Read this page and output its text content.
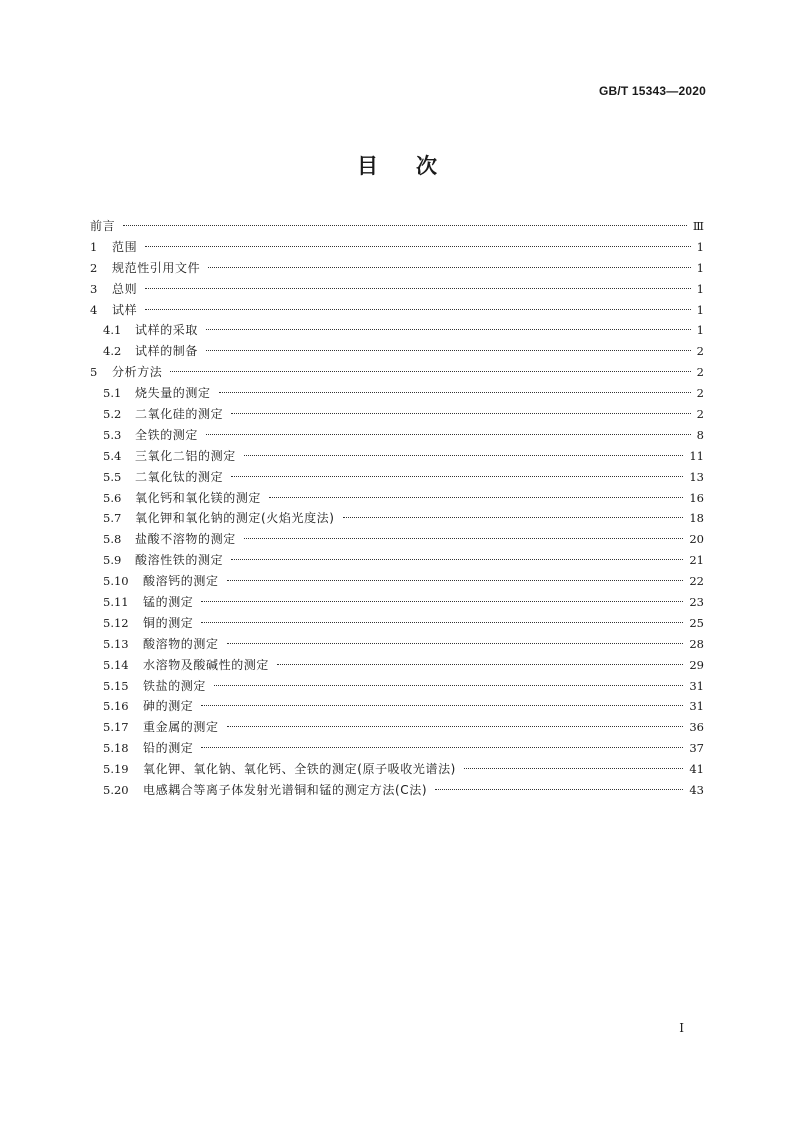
GB/T 15343—2020
目次
前言	Ⅲ
1	范围	1
2	规范性引用文件	1
3	总则	1
4	试样	1
4.1	试样的采取	1
4.2	试样的制备	2
5	分析方法	2
5.1	烧失量的测定	2
5.2	二氧化硅的测定	2
5.3	全铁的测定	8
5.4	三氧化二铝的测定	11
5.5	二氧化钛的测定	13
5.6	氧化钙和氧化镁的测定	16
5.7	氧化钾和氧化钠的测定(火焰光度法)	18
5.8	盐酸不溶物的测定	20
5.9	酸溶性铁的测定	21
5.10	酸溶钙的测定	22
5.11	锰的测定	23
5.12	铜的测定	25
5.13	酸溶物的测定	28
5.14	水溶物及酸碱性的测定	29
5.15	铁盐的测定	31
5.16	砷的测定	31
5.17	重金属的测定	36
5.18	铅的测定	37
5.19	氧化钾、氧化钠、氧化钙、全铁的测定(原子吸收光谱法)	41
5.20	电感耦合等离子体发射光谱铜和锰的测定方法(C法)	43
I
